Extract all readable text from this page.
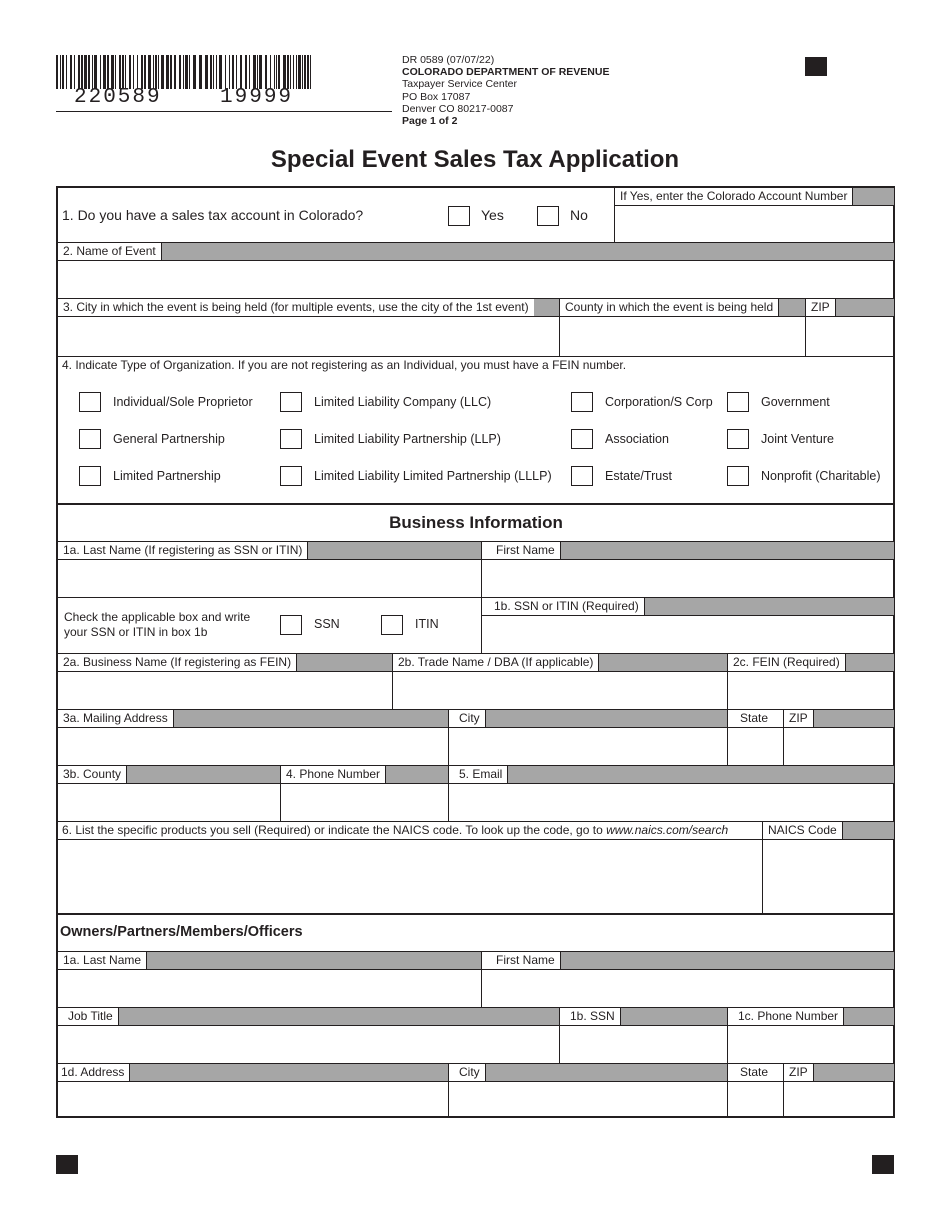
220589    19999
DR 0589 (07/07/22)
COLORADO DEPARTMENT OF REVENUE
Taxpayer Service Center
PO Box 17087
Denver CO 80217-0087
Page 1 of 2
Special Event Sales Tax Application
1. Do you have a sales tax account in Colorado?	Yes	No
If Yes, enter the Colorado Account Number
2. Name of Event
3. City in which the event is being held (for multiple events, use the city of the 1st event)	County in which the event is being held	ZIP
4. Indicate Type of Organization. If you are not registering as an Individual, you must have a FEIN number.
Individual/Sole Proprietor	Limited Liability Company (LLC)	Corporation/S Corp	Government
General Partnership	Limited Liability Partnership (LLP)	Association	Joint Venture
Limited Partnership	Limited Liability Limited Partnership (LLLP)	Estate/Trust	Nonprofit (Charitable)
Business Information
1a. Last Name (If registering as SSN or ITIN)	First Name
Check the applicable box and write
your SSN or ITIN in box 1b
SSN	ITIN
1b. SSN or ITIN (Required)
2a. Business Name (If registering as FEIN)	2b. Trade Name / DBA (If applicable)	2c. FEIN (Required)
3a. Mailing Address	City	State	ZIP
3b. County	4. Phone Number	5. Email
6. List the specific products you sell (Required) or indicate the NAICS code. To look up the code, go to www.naics.com/search	NAICS Code
Owners/Partners/Members/Officers
1a. Last Name	First Name
Job Title	1b. SSN	1c. Phone Number
1d. Address	City	State	ZIP
